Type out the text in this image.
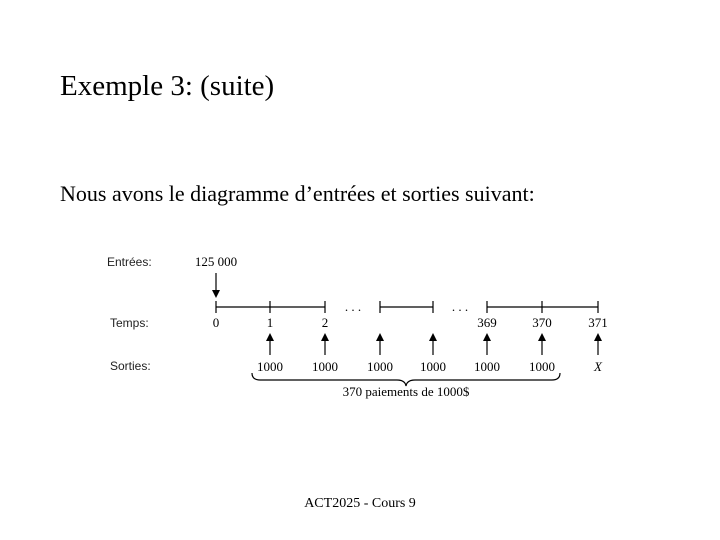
Exemple 3: (suite)
Nous avons le diagramme d’entrées et sorties suivant:
Entrées:
Temps:
Sorties:
125 000
. . .	. . .
0	1	2	369	370	371
1000 1000 1000 1000 1000 1000	X
370 paiements de 1000$
ACT2025 - Cours 9
